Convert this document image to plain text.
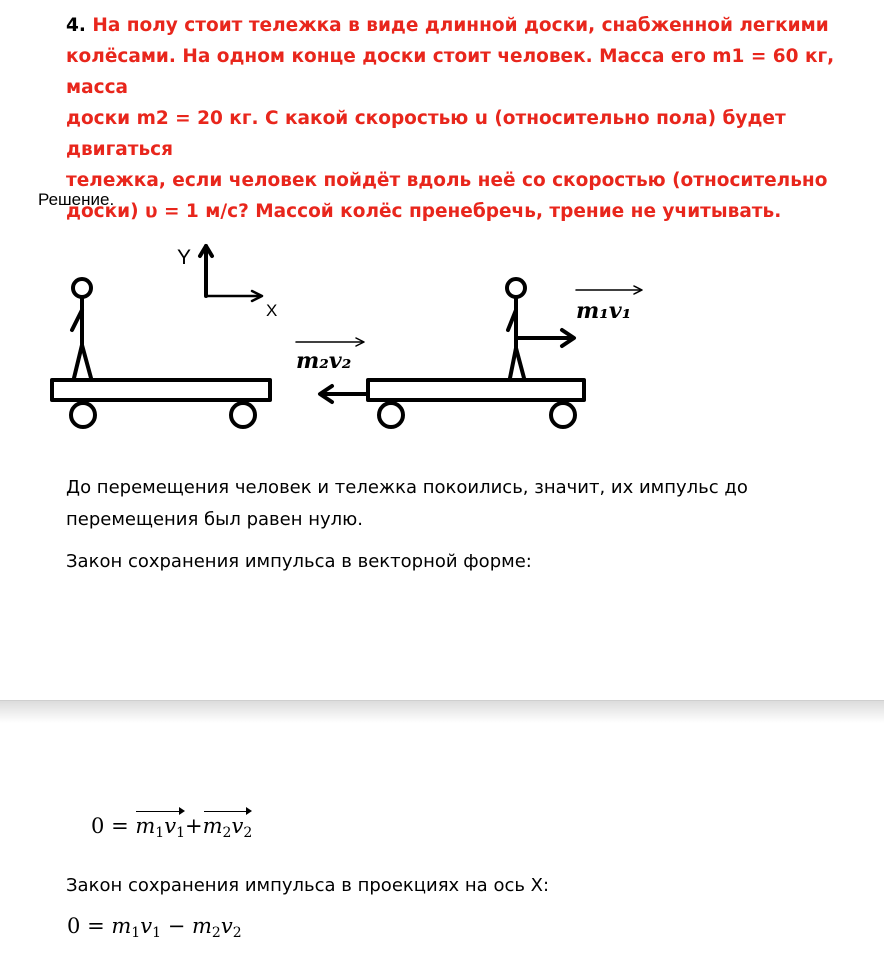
4. На полу стоит тележка в виде длинной доски, снабженной легкими
колёсами. На одном конце доски стоит человек. Масса его m1 = 60 кг, масса
доски m2 = 20 кг. С какой скоростью u (относительно пола) будет двигаться
тележка, если человек пойдёт вдоль неё со скоростью (относительно
доски) υ = 1 м/с? Массой колёс пренебречь, трение не учитывать.
Решение.
Y
X	m₁v₁
m₂v₂
До перемещения человек и тележка покоились, значит, их импульс до
перемещения был равен нулю.
Закон сохранения импульса в векторной форме:
$0 = m_1v_1+m_2v_2$
Закон сохранения импульса в проекциях на ось X:
$0 = m_1v_1 - m_2v_2$
